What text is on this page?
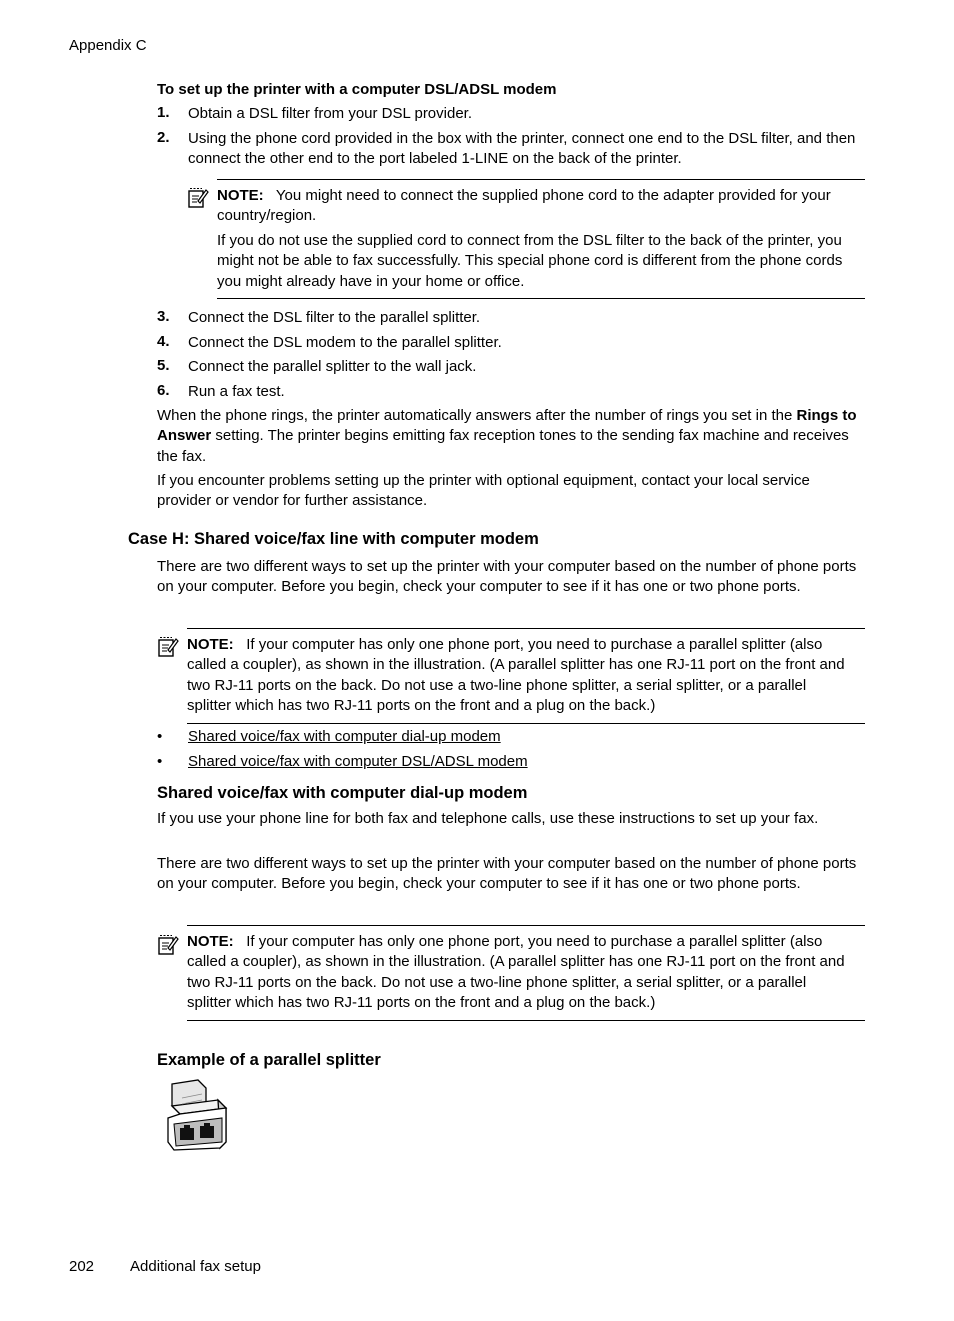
Appendix C
To set up the printer with a computer DSL/ADSL modem
1. Obtain a DSL filter from your DSL provider.
2. Using the phone cord provided in the box with the printer, connect one end to the DSL filter, and then connect the other end to the port labeled 1-LINE on the back of the printer.
NOTE: You might need to connect the supplied phone cord to the adapter provided for your country/region.
If you do not use the supplied cord to connect from the DSL filter to the back of the printer, you might not be able to fax successfully. This special phone cord is different from the phone cords you might already have in your home or office.
3. Connect the DSL filter to the parallel splitter.
4. Connect the DSL modem to the parallel splitter.
5. Connect the parallel splitter to the wall jack.
6. Run a fax test.
When the phone rings, the printer automatically answers after the number of rings you set in the Rings to Answer setting. The printer begins emitting fax reception tones to the sending fax machine and receives the fax.
If you encounter problems setting up the printer with optional equipment, contact your local service provider or vendor for further assistance.
Case H: Shared voice/fax line with computer modem
There are two different ways to set up the printer with your computer based on the number of phone ports on your computer. Before you begin, check your computer to see if it has one or two phone ports.
NOTE: If your computer has only one phone port, you need to purchase a parallel splitter (also called a coupler), as shown in the illustration. (A parallel splitter has one RJ-11 port on the front and two RJ-11 ports on the back. Do not use a two-line phone splitter, a serial splitter, or a parallel splitter which has two RJ-11 ports on the front and a plug on the back.)
• Shared voice/fax with computer dial-up modem
• Shared voice/fax with computer DSL/ADSL modem
Shared voice/fax with computer dial-up modem
If you use your phone line for both fax and telephone calls, use these instructions to set up your fax.
There are two different ways to set up the printer with your computer based on the number of phone ports on your computer. Before you begin, check your computer to see if it has one or two phone ports.
NOTE: If your computer has only one phone port, you need to purchase a parallel splitter (also called a coupler), as shown in the illustration. (A parallel splitter has one RJ-11 port on the front and two RJ-11 ports on the back. Do not use a two-line phone splitter, a serial splitter, or a parallel splitter which has two RJ-11 ports on the front and a plug on the back.)
Example of a parallel splitter
202 Additional fax setup
